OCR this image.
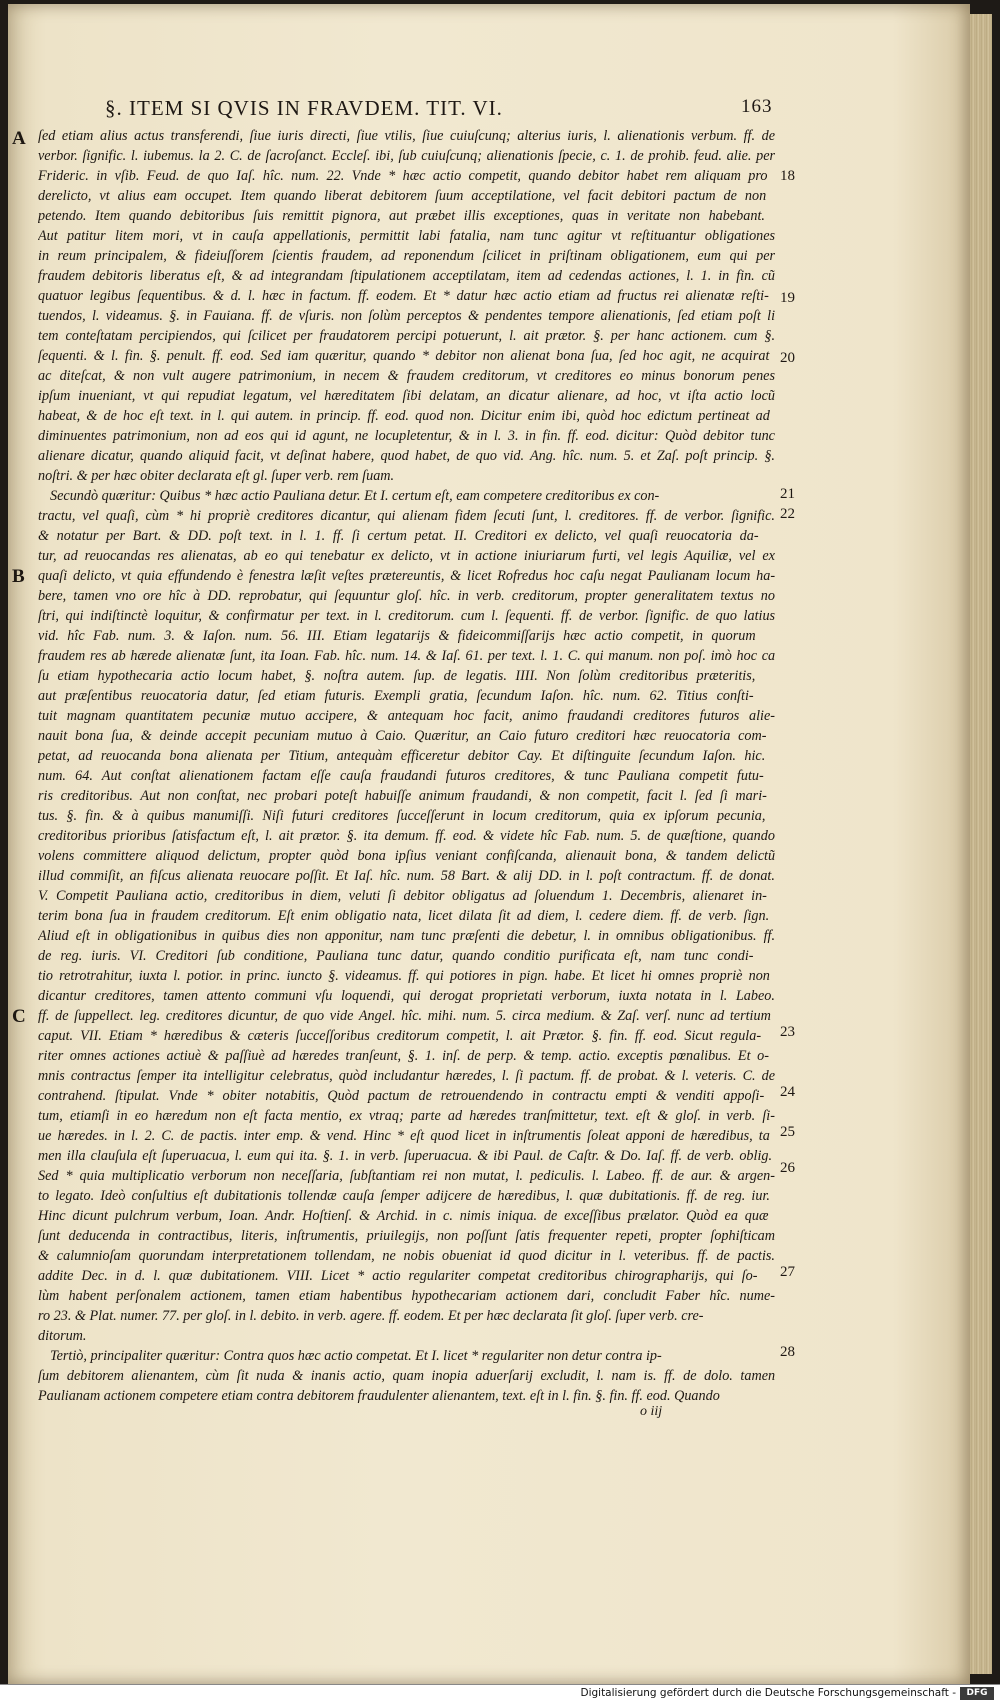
§. ITEM SI QVIS IN FRAVDEM. TIT. VI.	163
ſed etiam alius actus transferendi, ſiue iuris directi, ſiue vtilis, ſiue cuiuſcunq; alterius iuris, l. alienationis verbum. ff. de
verbor. ſignific. l. iubemus. la 2. C. de ſacroſanct. Eccleſ. ibi, ſub cuiuſcunq; alienationis ſpecie, c. 1. de prohib. feud. alie. per
Frideric. in vſib. Feud. de quo Iaſ. hîc. num. 22. Vnde * hæc actio competit, quando debitor habet rem aliquam pro
derelicto, vt alius eam occupet. Item quando liberat debitorem ſuum acceptilatione, vel facit debitori pactum de non
petendo. Item quando debitoribus ſuis remittit pignora, aut præbet illis exceptiones, quas in veritate non habebant.
Aut patitur litem mori, vt in cauſa appellationis, permittit labi fatalia, nam tunc agitur vt reſtituantur obligationes
in reum principalem, & fideiuſſorem ſcientis fraudem, ad reponendum ſcilicet in priſtinam obligationem, eum qui per
fraudem debitoris liberatus eſt, & ad integrandam ſtipulationem acceptilatam, item ad cedendas actiones, l. 1. in fin. cũ
quatuor legibus ſequentibus. & d. l. hæc in factum. ff. eodem. Et * datur hæc actio etiam ad fructus rei alienatæ reſti-
tuendos, l. videamus. §. in Fauiana. ff. de vſuris. non ſolùm perceptos & pendentes tempore alienationis, ſed etiam poſt li
tem conteſtatam percipiendos, qui ſcilicet per fraudatorem percipi potuerunt, l. ait prætor. §. per hanc actionem. cum §.
ſequenti. & l. fin. §. penult. ff. eod. Sed iam quæritur, quando * debitor non alienat bona ſua, ſed hoc agit, ne acquirat
ac diteſcat, & non vult augere patrimonium, in necem & fraudem creditorum, vt creditores eo minus bonorum penes
ipſum inueniant, vt qui repudiat legatum, vel hæreditatem ſibi delatam, an dicatur alienare, ad hoc, vt iſta actio locũ
habeat, & de hoc eſt text. in l. qui autem. in princip. ff. eod. quod non. Dicitur enim ibi, quòd hoc edictum pertineat ad
diminuentes patrimonium, non ad eos qui id agunt, ne locupletentur, & in l. 3. in fin. ff. eod. dicitur: Quòd debitor tunc
alienare dicatur, quando aliquid facit, vt deſinat habere, quod habet, de quo vid. Ang. hîc. num. 5. et Zaſ. poſt princip. §.
noſtri. & per hæc obiter declarata eſt gl. ſuper verb. rem ſuam.
Secundò quæritur: Quibus * hæc actio Pauliana detur. Et I. certum eſt, eam competere creditoribus ex con-
tractu, vel quaſi, cùm * hi propriè creditores dicantur, qui alienam fidem ſecuti ſunt, l. creditores. ff. de verbor. ſignific.
& notatur per Bart. & DD. poſt text. in l. 1. ff. ſi certum petat. II. Creditori ex delicto, vel quaſi reuocatoria da-
tur, ad reuocandas res alienatas, ab eo qui tenebatur ex delicto, vt in actione iniuriarum furti, vel legis Aquiliæ, vel ex
quaſi delicto, vt quia effundendo è fenestra læſit veſtes prætereuntis, & licet Rofredus hoc caſu negat Paulianam locum ha-
bere, tamen vno ore hîc à DD. reprobatur, qui ſequuntur gloſ. hîc. in verb. creditorum, propter generalitatem textus no
ſtri, qui indiſtinctè loquitur, & confirmatur per text. in l. creditorum. cum l. ſequenti. ff. de verbor. ſignific. de quo latius
vid. hîc Fab. num. 3. & Iaſon. num. 56. III. Etiam legatarijs & fideicommiſſarijs hæc actio competit, in quorum
fraudem res ab hærede alienatæ ſunt, ita Ioan. Fab. hîc. num. 14. & Iaſ. 61. per text. l. 1. C. qui manum. non poſ. imò hoc ca
ſu etiam hypothecaria actio locum habet, §. noſtra autem. ſup. de legatis. IIII. Non ſolùm creditoribus præteritis,
aut præſentibus reuocatoria datur, ſed etiam futuris. Exempli gratia, ſecundum Iaſon. hîc. num. 62. Titius conſti-
tuit magnam quantitatem pecuniæ mutuo accipere, & antequam hoc facit, animo fraudandi creditores futuros alie-
nauit bona ſua, & deinde accepit pecuniam mutuo à Caio. Quæritur, an Caio futuro creditori hæc reuocatoria com-
petat, ad reuocanda bona alienata per Titium, antequàm efficeretur debitor Cay. Et diſtinguite ſecundum Iaſon. hic.
num. 64. Aut conſtat alienationem factam eſſe cauſa fraudandi futuros creditores, & tunc Pauliana competit futu-
ris creditoribus. Aut non conſtat, nec probari poteſt habuiſſe animum fraudandi, & non competit, facit l. ſed ſi mari-
tus. §. fin. & à quibus manumiſſi. Niſi futuri creditores ſucceſſerunt in locum creditorum, quia ex ipſorum pecunia,
creditoribus prioribus ſatisfactum eſt, l. ait prætor. §. ita demum. ff. eod. & videte hîc Fab. num. 5. de quæſtione, quando
volens committere aliquod delictum, propter quòd bona ipſius veniant confiſcanda, alienauit bona, & tandem delictũ
illud commiſit, an fiſcus alienata reuocare poſſit. Et Iaſ. hîc. num. 58 Bart. & alij DD. in l. poſt contractum. ff. de donat.
V. Competit Pauliana actio, creditoribus in diem, veluti ſi debitor obligatus ad ſoluendum 1. Decembris, alienaret in-
terim bona ſua in fraudem creditorum. Eſt enim obligatio nata, licet dilata ſit ad diem, l. cedere diem. ff. de verb. ſign.
Aliud eſt in obligationibus in quibus dies non apponitur, nam tunc præſenti die debetur, l. in omnibus obligationibus. ff.
de reg. iuris. VI. Creditori ſub conditione, Pauliana tunc datur, quando conditio purificata eſt, nam tunc condi-
tio retrotrahitur, iuxta l. potior. in princ. iuncto §. videamus. ff. qui potiores in pign. habe. Et licet hi omnes propriè non
dicantur creditores, tamen attento communi vſu loquendi, qui derogat proprietati verborum, iuxta notata in l. Labeo.
ff. de ſuppellect. leg. creditores dicuntur, de quo vide Angel. hîc. mihi. num. 5. circa medium. & Zaſ. verſ. nunc ad tertium
caput. VII. Etiam * hæredibus & cæteris ſucceſſoribus creditorum competit, l. ait Prætor. §. fin. ff. eod. Sicut regula-
riter omnes actiones actiuè & paſſiuè ad hæredes tranſeunt, §. 1. inſ. de perp. & temp. actio. exceptis pœnalibus. Et o-
mnis contractus ſemper ita intelligitur celebratus, quòd includantur hæredes, l. ſi pactum. ff. de probat. & l. veteris. C. de
contrahend. ſtipulat. Vnde * obiter notabitis, Quòd pactum de retrouendendo in contractu empti & venditi appoſi-
tum, etiamſi in eo hæredum non eſt facta mentio, ex vtraq; parte ad hæredes tranſmittetur, text. eſt & gloſ. in verb. ſi-
ue hæredes. in l. 2. C. de pactis. inter emp. & vend. Hinc * eſt quod licet in inſtrumentis ſoleat apponi de hæredibus, ta
men illa clauſula eſt ſuperuacua, l. eum qui ita. §. 1. in verb. ſuperuacua. & ibi Paul. de Caſtr. & Do. Iaſ. ff. de verb. oblig.
Sed * quia multiplicatio verborum non neceſſaria, ſubſtantiam rei non mutat, l. pediculis. l. Labeo. ff. de aur. & argen-
to legato. Ideò conſultius eſt dubitationis tollendæ cauſa ſemper adijcere de hæredibus, l. quæ dubitationis. ff. de reg. iur.
Hinc dicunt pulchrum verbum, Ioan. Andr. Hoſtienſ. & Archid. in c. nimis iniqua. de exceſſibus prælator. Quòd ea quæ
ſunt deducenda in contractibus, literis, inſtrumentis, priuilegijs, non poſſunt ſatis frequenter repeti, propter ſophiſticam
& calumnioſam quorundam interpretationem tollendam, ne nobis obueniat id quod dicitur in l. veteribus. ff. de pactis.
addite Dec. in d. l. quæ dubitationem. VIII. Licet * actio regulariter competat creditoribus chirographarijs, qui ſo-
lùm habent perſonalem actionem, tamen etiam habentibus hypothecariam actionem dari, concludit Faber hîc. nume-
ro 23. & Plat. numer. 77. per gloſ. in l. debito. in verb. agere. ff. eodem. Et per hæc declarata ſit gloſ. ſuper verb. cre-
ditorum.
Tertiò, principaliter quæritur: Contra quos hæc actio competat. Et I. licet * regulariter non detur contra ip-
ſum debitorem alienantem, cùm ſit nuda & inanis actio, quam inopia aduerſarij excludit, l. nam is. ff. de dolo. tamen
Paulianam actionem competere etiam contra debitorem fraudulenter alienantem, text. eſt in l. fin. §. fin. ff. eod. Quando
A
B
C
18
19
20
21
22
23
24
25
26
27
28
o iij
Digitalisierung gefördert durch die Deutsche Forschungsgemeinschaft -	DFG
